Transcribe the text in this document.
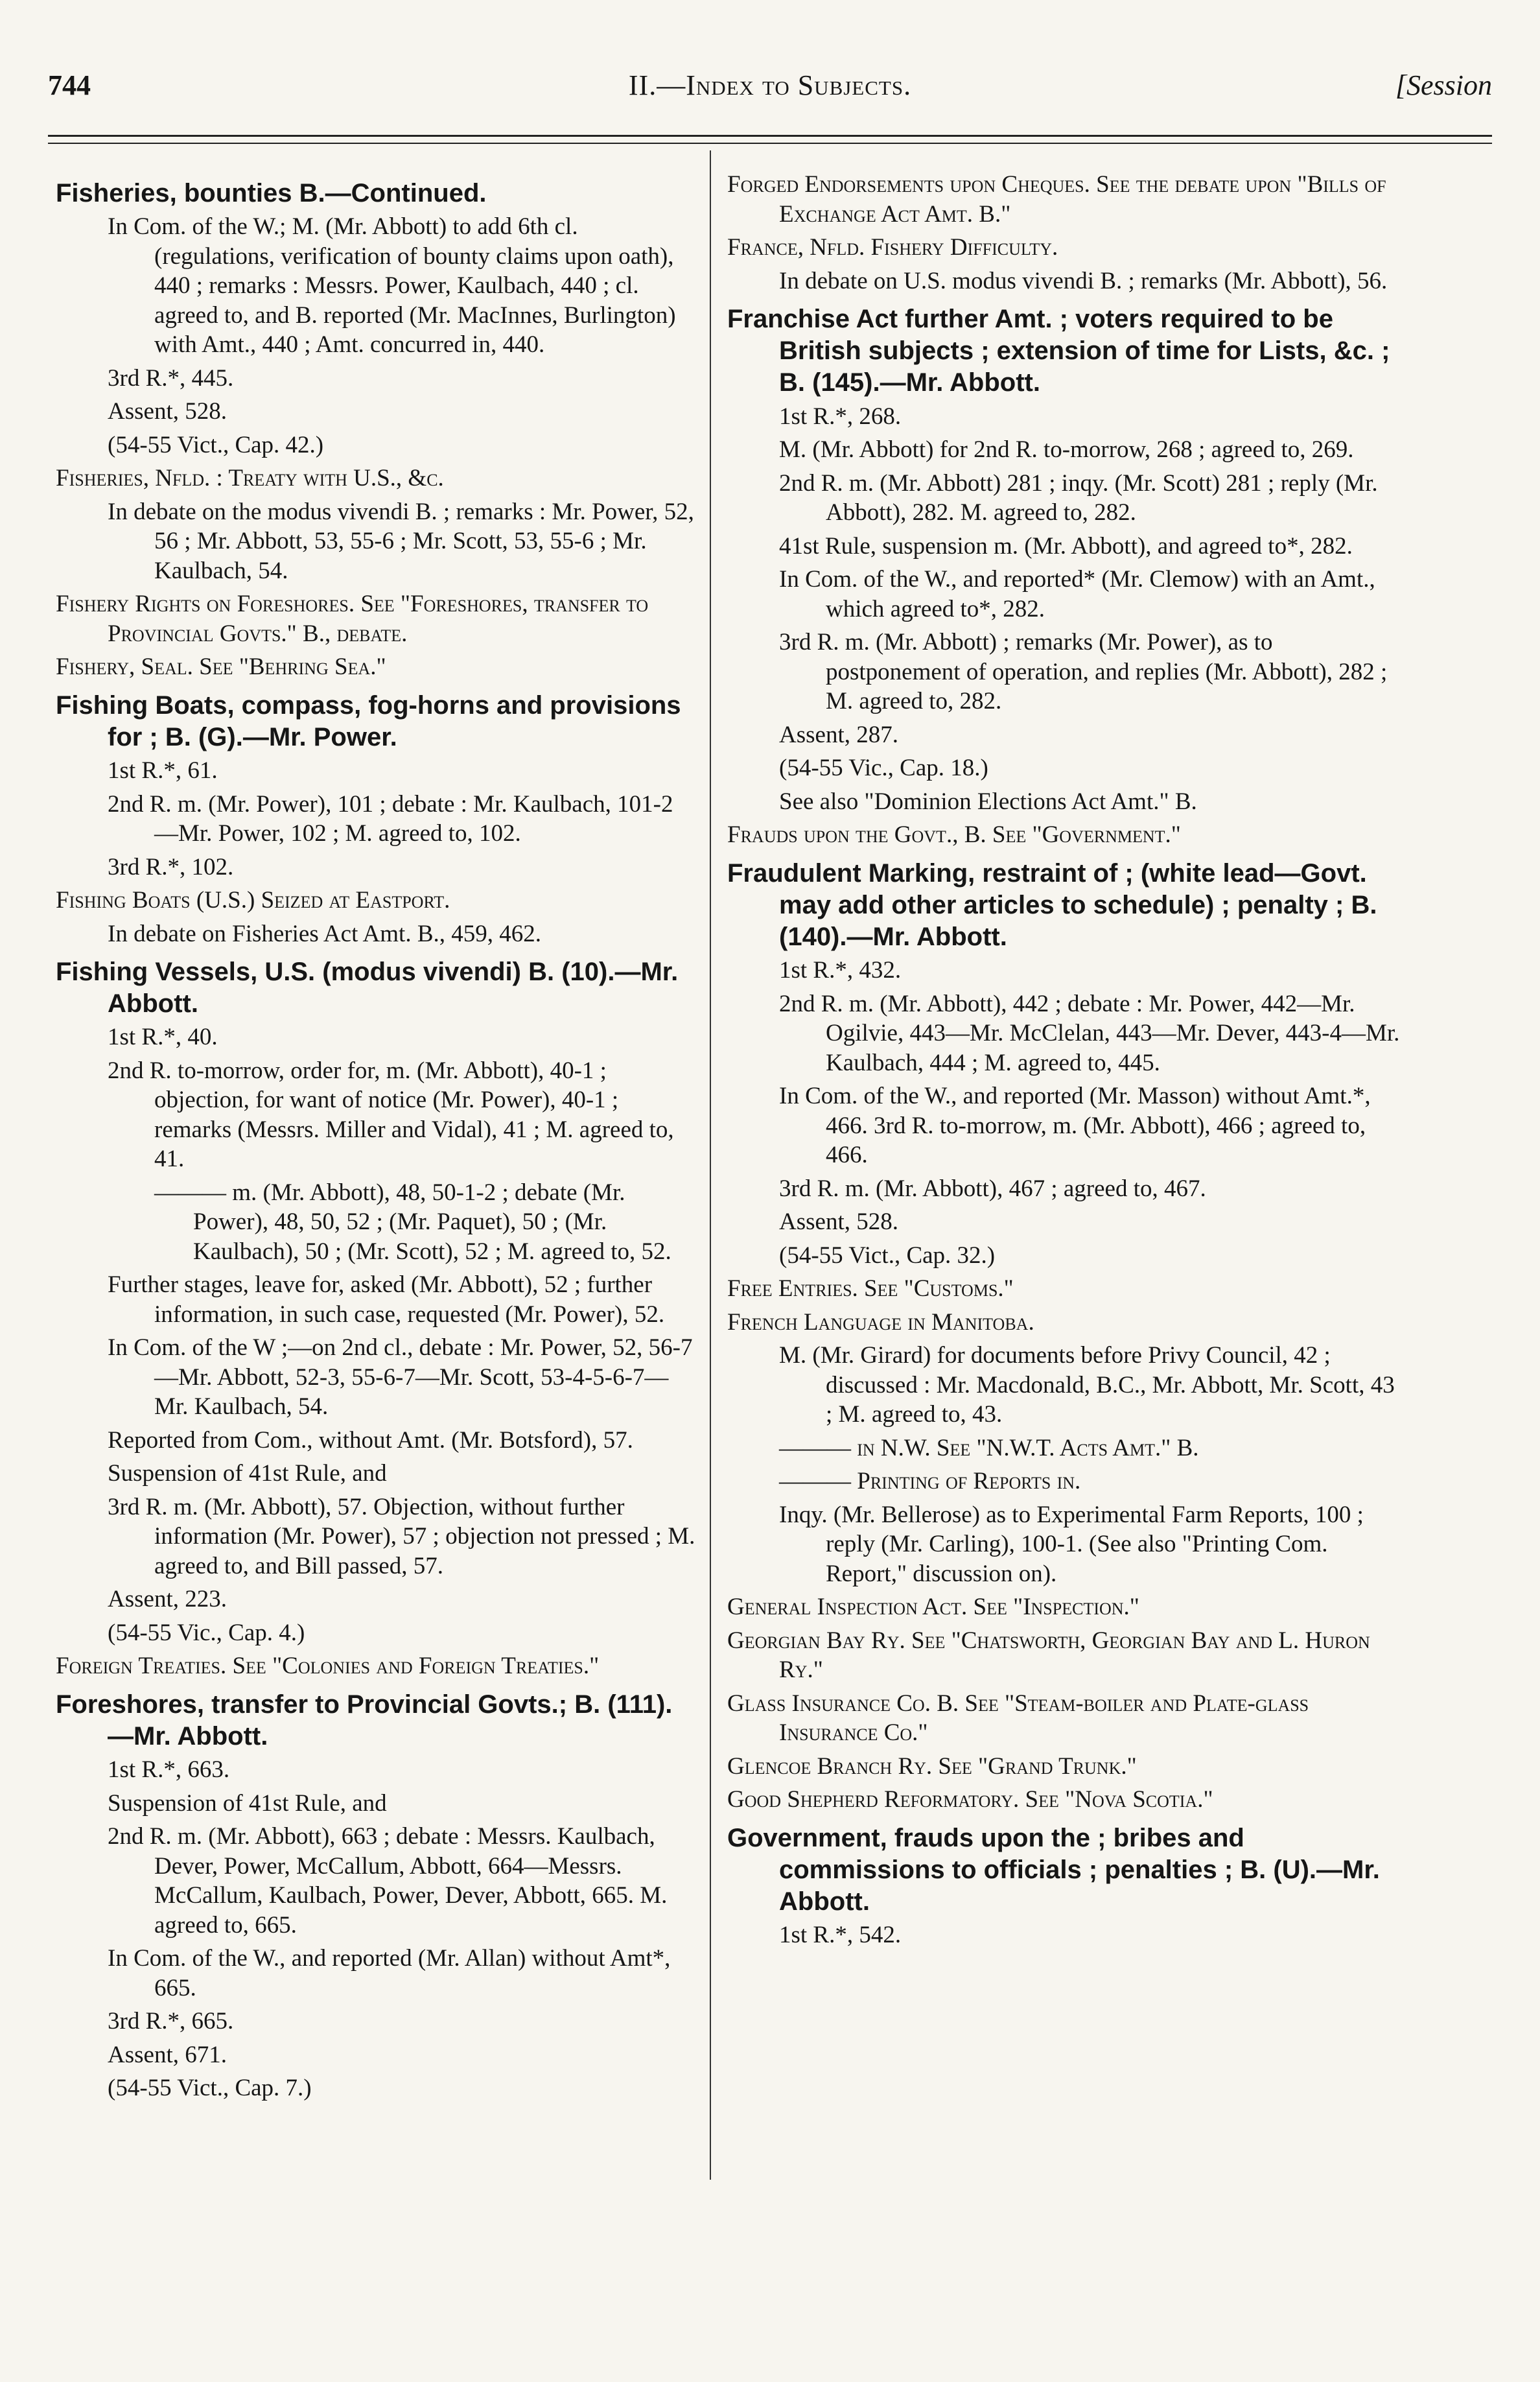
744	II.—Index to Subjects.	[Session
Fisheries, bounties B.—Continued.
In Com. of the W.; M. (Mr. Abbott) to add 6th cl. (regulations, verification of bounty claims upon oath), 440 ; remarks : Messrs. Power, Kaulbach, 440 ; cl. agreed to, and B. reported (Mr. MacInnes, Burlington) with Amt., 440 ; Amt. concurred in, 440.
3rd R.*, 445.
Assent, 528.
(54-55 Vict., Cap. 42.)
Fisheries, Nfld. : Treaty with U.S., &c.
In debate on the modus vivendi B. ; remarks : Mr. Power, 52, 56 ; Mr. Abbott, 53, 55-6 ; Mr. Scott, 53, 55-6 ; Mr. Kaulbach, 54.
Fishery Rights on Foreshores. See "Foreshores, transfer to Provincial Govts." B., debate.
Fishery, Seal. See "Behring Sea."
Fishing Boats, compass, fog-horns and provisions for ; B. (G).—Mr. Power.
1st R.*, 61.
2nd R. m. (Mr. Power), 101 ; debate : Mr. Kaulbach, 101-2—Mr. Power, 102 ; M. agreed to, 102.
3rd R.*, 102.
Fishing Boats (U.S.) Seized at Eastport.
In debate on Fisheries Act Amt. B., 459, 462.
Fishing Vessels, U.S. (modus vivendi) B. (10).—Mr. Abbott.
1st R.*, 40.
2nd R. to-morrow, order for, m. (Mr. Abbott), 40-1 ; objection, for want of notice (Mr. Power), 40-1 ; remarks (Messrs. Miller and Vidal), 41 ; M. agreed to, 41.
——— m. (Mr. Abbott), 48, 50-1-2 ; debate (Mr. Power), 48, 50, 52 ; (Mr. Paquet), 50 ; (Mr. Kaulbach), 50 ; (Mr. Scott), 52 ; M. agreed to, 52.
Further stages, leave for, asked (Mr. Abbott), 52 ; further information, in such case, requested (Mr. Power), 52.
In Com. of the W ;—on 2nd cl., debate : Mr. Power, 52, 56-7—Mr. Abbott, 52-3, 55-6-7—Mr. Scott, 53-4-5-6-7—Mr. Kaulbach, 54.
Reported from Com., without Amt. (Mr. Botsford), 57.
Suspension of 41st Rule, and
3rd R. m. (Mr. Abbott), 57. Objection, without further information (Mr. Power), 57 ; objection not pressed ; M. agreed to, and Bill passed, 57.
Assent, 223.
(54-55 Vic., Cap. 4.)
Foreign Treaties. See "Colonies and Foreign Treaties."
Foreshores, transfer to Provincial Govts.; B. (111).—Mr. Abbott.
1st R.*, 663.
Suspension of 41st Rule, and
2nd R. m. (Mr. Abbott), 663 ; debate : Messrs. Kaulbach, Dever, Power, McCallum, Abbott, 664—Messrs. McCallum, Kaulbach, Power, Dever, Abbott, 665. M. agreed to, 665.
In Com. of the W., and reported (Mr. Allan) without Amt*, 665.
3rd R.*, 665.
Assent, 671.
(54-55 Vict., Cap. 7.)
Forged Endorsements upon Cheques. See the debate upon "Bills of Exchange Act Amt. B."
France, Nfld. Fishery Difficulty.
In debate on U.S. modus vivendi B. ; remarks (Mr. Abbott), 56.
Franchise Act further Amt. ; voters required to be British subjects ; extension of time for Lists, &c. ; B. (145).—Mr. Abbott.
1st R.*, 268.
M. (Mr. Abbott) for 2nd R. to-morrow, 268 ; agreed to, 269.
2nd R. m. (Mr. Abbott) 281 ; inqy. (Mr. Scott) 281 ; reply (Mr. Abbott), 282. M. agreed to, 282.
41st Rule, suspension m. (Mr. Abbott), and agreed to*, 282.
In Com. of the W., and reported* (Mr. Clemow) with an Amt., which agreed to*, 282.
3rd R. m. (Mr. Abbott) ; remarks (Mr. Power), as to postponement of operation, and replies (Mr. Abbott), 282 ; M. agreed to, 282.
Assent, 287.
(54-55 Vic., Cap. 18.)
See also "Dominion Elections Act Amt." B.
Frauds upon the Govt., B. See "Government."
Fraudulent Marking, restraint of ; (white lead—Govt. may add other articles to schedule) ; penalty ; B. (140).—Mr. Abbott.
1st R.*, 432.
2nd R. m. (Mr. Abbott), 442 ; debate : Mr. Power, 442—Mr. Ogilvie, 443—Mr. McClelan, 443—Mr. Dever, 443-4—Mr. Kaulbach, 444 ; M. agreed to, 445.
In Com. of the W., and reported (Mr. Masson) without Amt.*, 466. 3rd R. to-morrow, m. (Mr. Abbott), 466 ; agreed to, 466.
3rd R. m. (Mr. Abbott), 467 ; agreed to, 467.
Assent, 528.
(54-55 Vict., Cap. 32.)
Free Entries. See "Customs."
French Language in Manitoba.
M. (Mr. Girard) for documents before Privy Council, 42 ; discussed : Mr. Macdonald, B.C., Mr. Abbott, Mr. Scott, 43 ; M. agreed to, 43.
——— in N.W. See "N.W.T. Acts Amt." B.
——— Printing of Reports in.
Inqy. (Mr. Bellerose) as to Experimental Farm Reports, 100 ; reply (Mr. Carling), 100-1. (See also "Printing Com. Report," discussion on).
General Inspection Act. See "Inspection."
Georgian Bay Ry. See "Chatsworth, Georgian Bay and L. Huron Ry."
Glass Insurance Co. B. See "Steam-boiler and Plate-glass Insurance Co."
Glencoe Branch Ry. See "Grand Trunk."
Good Shepherd Reformatory. See "Nova Scotia."
Government, frauds upon the ; bribes and commissions to officials ; penalties ; B. (U).—Mr. Abbott.
1st R.*, 542.
